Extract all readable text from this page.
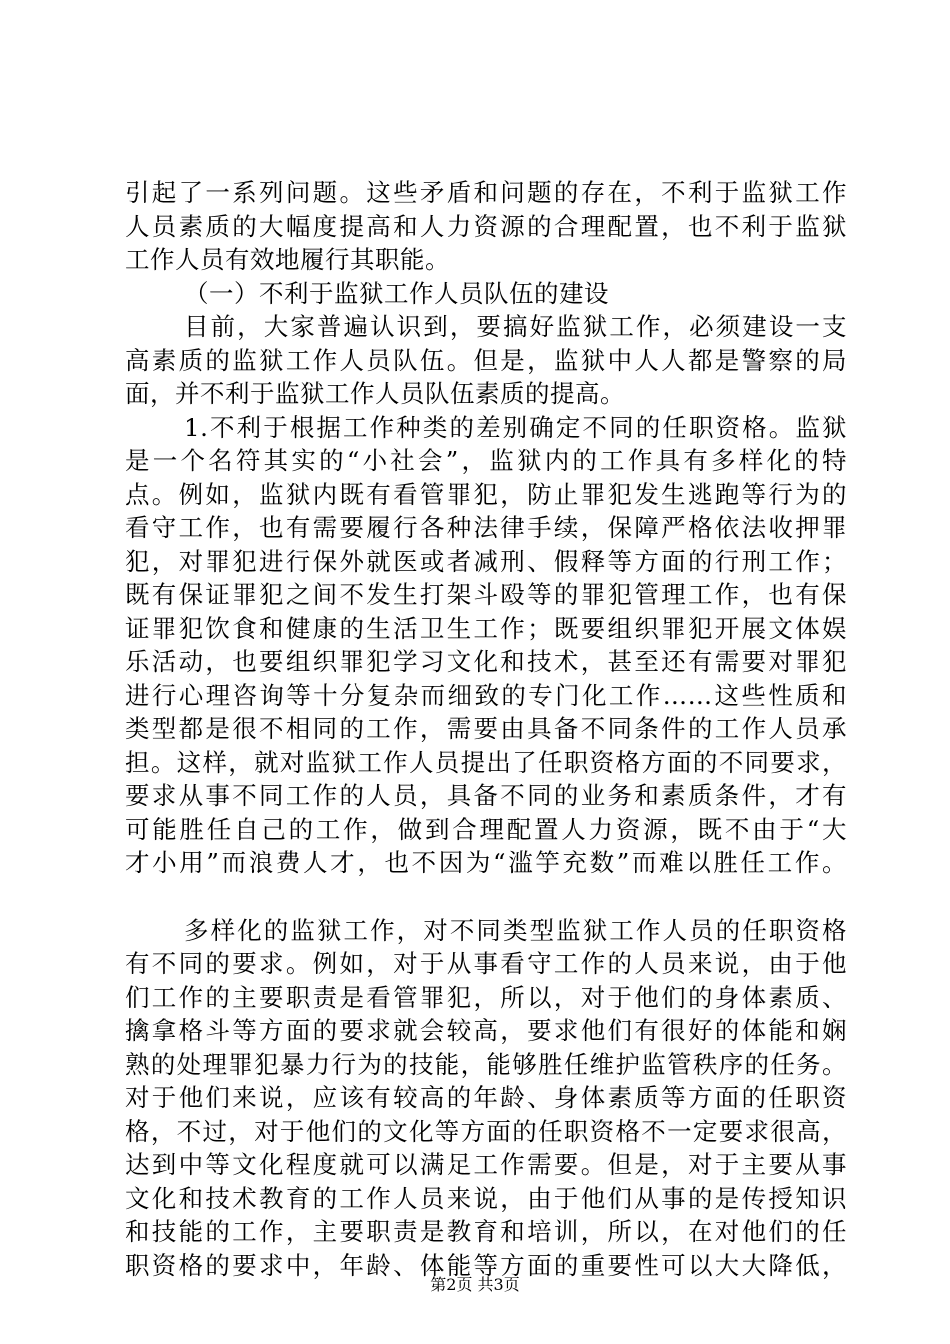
引起了一系列问题。这些矛盾和问题的存在，不利于监狱工作
人员素质的大幅度提高和人力资源的合理配置，也不利于监狱
工作人员有效地履行其职能。
（一）不利于监狱工作人员队伍的建设
目前，大家普遍认识到，要搞好监狱工作，必须建设一支
高素质的监狱工作人员队伍。但是，监狱中人人都是警察的局
面，并不利于监狱工作人员队伍素质的提高。
1.不利于根据工作种类的差别确定不同的任职资格。监狱
是一个名符其实的“小社会”，监狱内的工作具有多样化的特
点。例如，监狱内既有看管罪犯，防止罪犯发生逃跑等行为的
看守工作，也有需要履行各种法律手续，保障严格依法收押罪
犯，对罪犯进行保外就医或者减刑、假释等方面的行刑工作；
既有保证罪犯之间不发生打架斗殴等的罪犯管理工作，也有保
证罪犯饮食和健康的生活卫生工作；既要组织罪犯开展文体娱
乐活动，也要组织罪犯学习文化和技术，甚至还有需要对罪犯
进行心理咨询等十分复杂而细致的专门化工作……这些性质和
类型都是很不相同的工作，需要由具备不同条件的工作人员承
担。这样，就对监狱工作人员提出了任职资格方面的不同要求，
要求从事不同工作的人员，具备不同的业务和素质条件，才有
可能胜任自己的工作，做到合理配置人力资源，既不由于“大
才小用”而浪费人才，也不因为“滥竽充数”而难以胜任工作。
多样化的监狱工作，对不同类型监狱工作人员的任职资格
有不同的要求。例如，对于从事看守工作的人员来说，由于他
们工作的主要职责是看管罪犯，所以，对于他们的身体素质、
擒拿格斗等方面的要求就会较高，要求他们有很好的体能和娴
熟的处理罪犯暴力行为的技能，能够胜任维护监管秩序的任务。
对于他们来说，应该有较高的年龄、身体素质等方面的任职资
格，不过，对于他们的文化等方面的任职资格不一定要求很高，
达到中等文化程度就可以满足工作需要。但是，对于主要从事
文化和技术教育的工作人员来说，由于他们从事的是传授知识
和技能的工作，主要职责是教育和培训，所以，在对他们的任
职资格的要求中，年龄、体能等方面的重要性可以大大降低，
第2页 共3页
